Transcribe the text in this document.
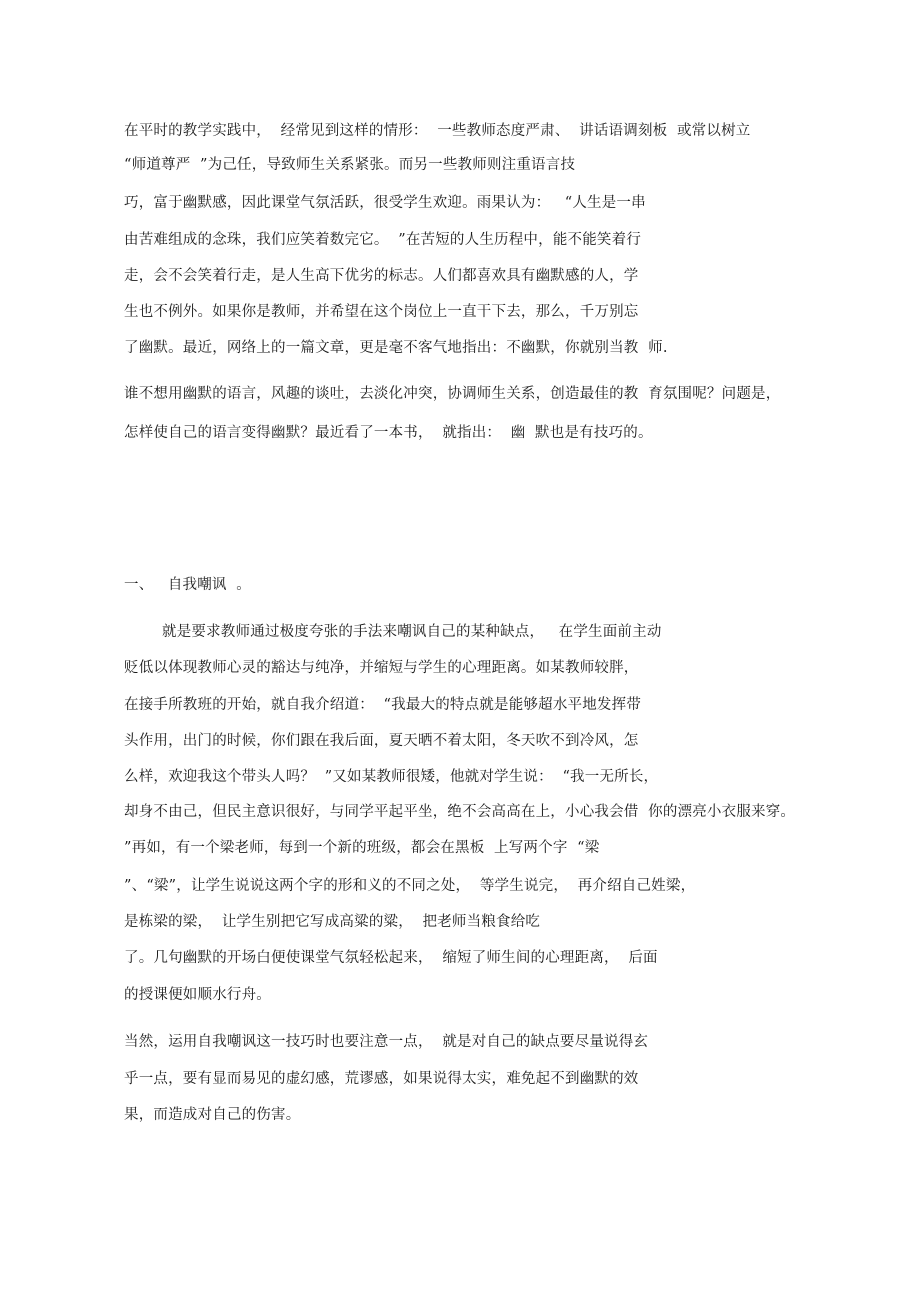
在平时的教学实践中，  经常见到这样的情形：  一些教师态度严肃、  讲话语调刻板  或常以树立
“师道尊严  ”为己任，导致师生关系紧张。而另一些教师则注重语言技
巧，富于幽默感，因此课堂气氛活跃，很受学生欢迎。雨果认为：   “人生是一串
由苦难组成的念珠，我们应笑着数完它。  ”在苦短的人生历程中，能不能笑着行
走，会不会笑着行走，是人生高下优劣的标志。人们都喜欢具有幽默感的人，学
生也不例外。如果你是教师，并希望在这个岗位上一直干下去，那么，千万别忘
了幽默。最近，网络上的一篇文章，更是毫不客气地指出：不幽默，你就别当教  师.
谁不想用幽默的语言，风趣的谈吐，去淡化冲突，协调师生关系，创造最佳的教  育氛围呢？问题是，
怎样使自己的语言变得幽默？最近看了一本书，  就指出：  幽  默也是有技巧的。
一、   自我嘲讽  。
就是要求教师通过极度夸张的手法来嘲讽自己的某种缺点，   在学生面前主动
贬低以体现教师心灵的豁达与纯净，并缩短与学生的心理距离。如某教师较胖，
在接手所教班的开始，就自我介绍道：  “我最大的特点就是能够超水平地发挥带
头作用，出门的时候，你们跟在我后面，夏天晒不着太阳，冬天吹不到冷风，怎
么样，欢迎我这个带头人吗？  ”又如某教师很矮，他就对学生说：  “我一无所长，
却身不由己，但民主意识很好，与同学平起平坐，绝不会高高在上，小心我会借  你的漂亮小衣服来穿。
”再如，有一个梁老师，每到一个新的班级，都会在黑板  上写两个字  “梁
”、“梁”，让学生说说这两个字的形和义的不同之处，  等学生说完，  再介绍自己姓梁，
是栋梁的梁，  让学生别把它写成高粱的粱，  把老师当粮食给吃
了。几句幽默的开场白便使课堂气氛轻松起来，  缩短了师生间的心理距离，  后面
的授课便如顺水行舟。
当然，运用自我嘲讽这一技巧时也要注意一点，  就是对自己的缺点要尽量说得玄
乎一点，要有显而易见的虚幻感，荒谬感，如果说得太实，难免起不到幽默的效
果，而造成对自己的伤害。
